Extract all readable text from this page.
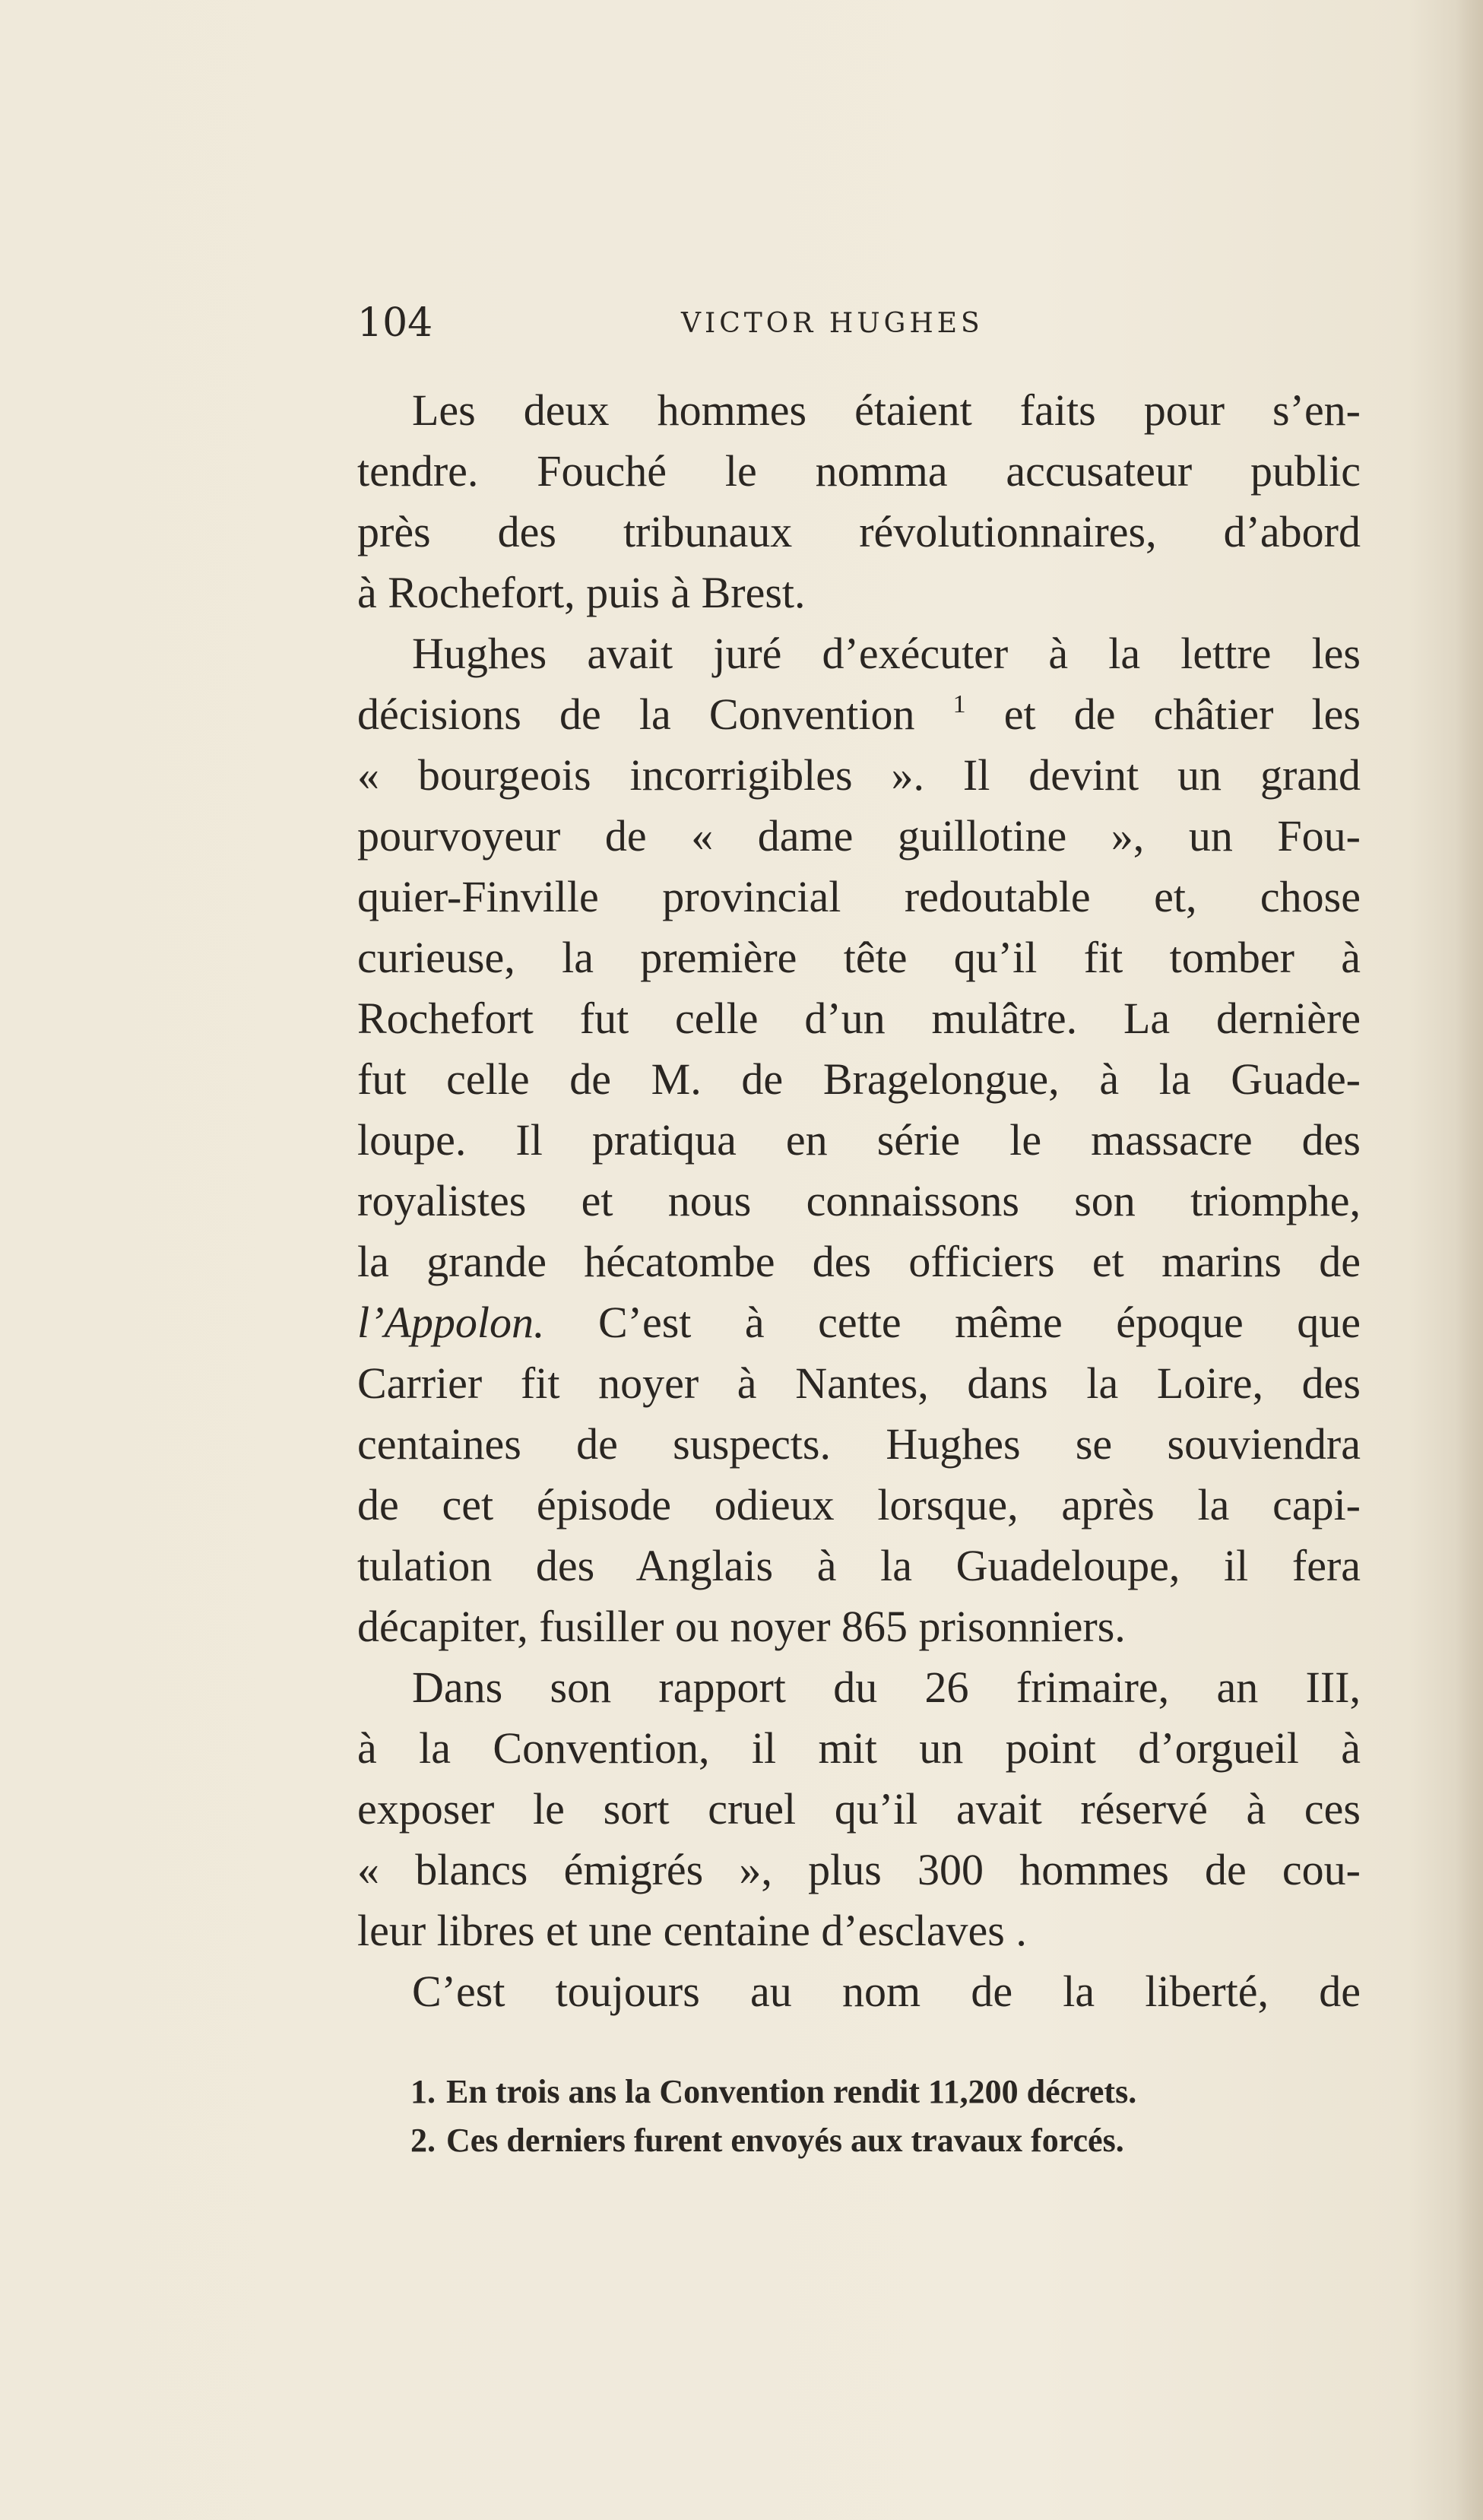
104	VICTOR HUGHES
Les deux hommes étaient faits pour s’en-
tendre. Fouché le nomma accusateur public
près des tribunaux révolutionnaires, d’abord
à Rochefort, puis à Brest.
Hughes avait juré d’exécuter à la lettre les
décisions de la Convention $^1$ et de châtier les
« bourgeois incorrigibles ». Il devint un grand
pourvoyeur de « dame guillotine », un Fou-
quier-Finville provincial redoutable et, chose
curieuse, la première tête qu’il fit tomber à
Rochefort fut celle d’un mulâtre. La dernière
fut celle de M. de Bragelongue, à la Guade-
loupe. Il pratiqua en série le massacre des
royalistes et nous connaissons son triomphe,
la grande hécatombe des officiers et marins de
l’Appolon. C’est à cette même époque que
Carrier fit noyer à Nantes, dans la Loire, des
centaines de suspects. Hughes se souviendra
de cet épisode odieux lorsque, après la capi-
tulation des Anglais à la Guadeloupe, il fera
décapiter, fusiller ou noyer 865 prisonniers.
Dans son rapport du 26 frimaire, an III,
à la Convention, il mit un point d’orgueil à
exposer le sort cruel qu’il avait réservé à ces
« blancs émigrés », plus 300 hommes de cou-
leur libres et une centaine d’esclaves .
C’est toujours au nom de la liberté, de
1. En trois ans la Convention rendit 11,200 décrets.
2. Ces derniers furent envoyés aux travaux forcés.
